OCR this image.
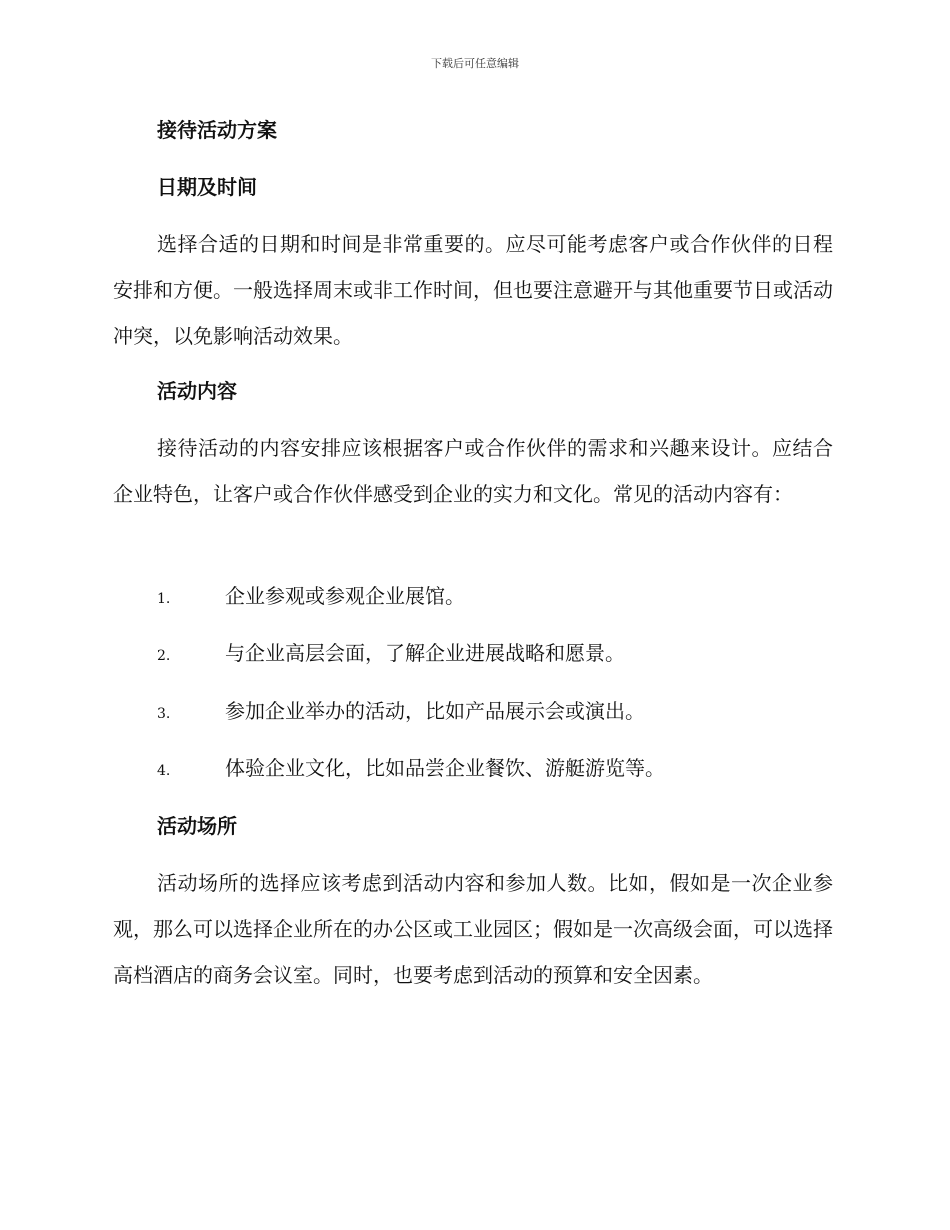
下载后可任意编辑
接待活动方案
日期及时间
选择合适的日期和时间是非常重要的。应尽可能考虑客户或合作伙伴的日程安排和方便。一般选择周末或非工作时间，但也要注意避开与其他重要节日或活动冲突，以免影响活动效果。
活动内容
接待活动的内容安排应该根据客户或合作伙伴的需求和兴趣来设计。应结合企业特色，让客户或合作伙伴感受到企业的实力和文化。常见的活动内容有：
1.	企业参观或参观企业展馆。
2.	与企业高层会面，了解企业进展战略和愿景。
3.	参加企业举办的活动，比如产品展示会或演出。
4.	体验企业文化，比如品尝企业餐饮、游艇游览等。
活动场所
活动场所的选择应该考虑到活动内容和参加人数。比如，假如是一次企业参观，那么可以选择企业所在的办公区或工业园区；假如是一次高级会面，可以选择高档酒店的商务会议室。同时，也要考虑到活动的预算和安全因素。
